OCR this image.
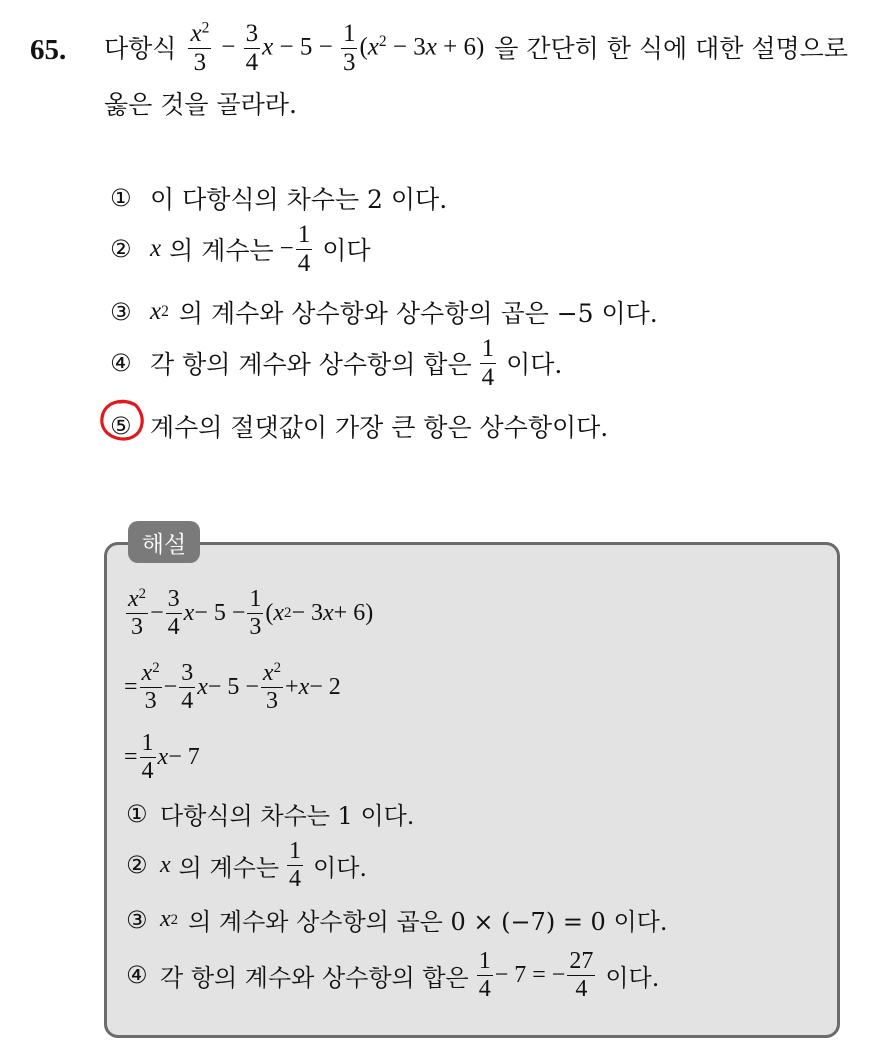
65. 다항식 $\frac{x^2}{3} - \frac{3}{4}$ $x - 5 - \frac{1}{3} (x^2 - 3x + 6)$ 을 간단히 한 식에 대한 설명으로
옳은 것을 골라라.
① 이 다항식의 차수는 2 이다.
② x 의 계수는 − $\frac{1}{4}$ 이다
③ x 2 의 계수와 상수항와 상수항의 곱은 −5 이다.
④ 각 항의 계수와 상수항의 합은 $\frac{1}{4}$ 이다.
⑤ 계수의 절댓값이 가장 큰 항은 상수항이다.
해설
$\frac{x^2}{3} - \frac{3}{4}$ $x - 5 - \frac{1}{3}$ ( x 2 − 3 x + 6)
= $\frac{x^2}{3} - \frac{3}{4}$ $x - 5 - \frac{x^2}{3} + x - 2$
= $\frac{1}{4}$ x − 7
① 다항식의 차수는 1 이다.
② x 의 계수는 $\frac{1}{4}$ 이다.
③ x 2 의 계수와 상수항의 곱은 0 × (−7) = 0 이다.
④ 각 항의 계수와 상수항의 합은 $\frac{1}{4} - 7$ = − $\frac{27}{4}$ 이다.
